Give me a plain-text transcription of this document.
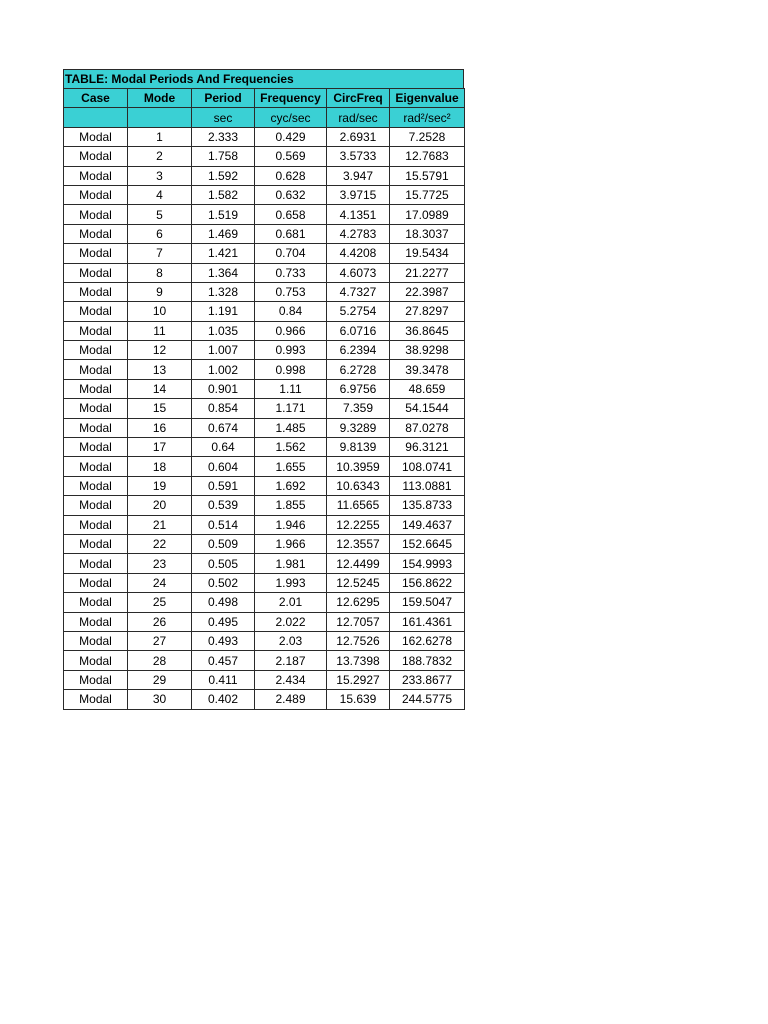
TABLE: Modal Periods And Frequencies
Case	Mode	Period	Frequency	CircFreq	Eigenvalue
		sec	cyc/sec	rad/sec	rad²/sec²
Modal	1	2.333	0.429	2.6931	7.2528
Modal	2	1.758	0.569	3.5733	12.7683
Modal	3	1.592	0.628	3.947	15.5791
Modal	4	1.582	0.632	3.9715	15.7725
Modal	5	1.519	0.658	4.1351	17.0989
Modal	6	1.469	0.681	4.2783	18.3037
Modal	7	1.421	0.704	4.4208	19.5434
Modal	8	1.364	0.733	4.6073	21.2277
Modal	9	1.328	0.753	4.7327	22.3987
Modal	10	1.191	0.84	5.2754	27.8297
Modal	11	1.035	0.966	6.0716	36.8645
Modal	12	1.007	0.993	6.2394	38.9298
Modal	13	1.002	0.998	6.2728	39.3478
Modal	14	0.901	1.11	6.9756	48.659
Modal	15	0.854	1.171	7.359	54.1544
Modal	16	0.674	1.485	9.3289	87.0278
Modal	17	0.64	1.562	9.8139	96.3121
Modal	18	0.604	1.655	10.3959	108.0741
Modal	19	0.591	1.692	10.6343	113.0881
Modal	20	0.539	1.855	11.6565	135.8733
Modal	21	0.514	1.946	12.2255	149.4637
Modal	22	0.509	1.966	12.3557	152.6645
Modal	23	0.505	1.981	12.4499	154.9993
Modal	24	0.502	1.993	12.5245	156.8622
Modal	25	0.498	2.01	12.6295	159.5047
Modal	26	0.495	2.022	12.7057	161.4361
Modal	27	0.493	2.03	12.7526	162.6278
Modal	28	0.457	2.187	13.7398	188.7832
Modal	29	0.411	2.434	15.2927	233.8677
Modal	30	0.402	2.489	15.639	244.5775
